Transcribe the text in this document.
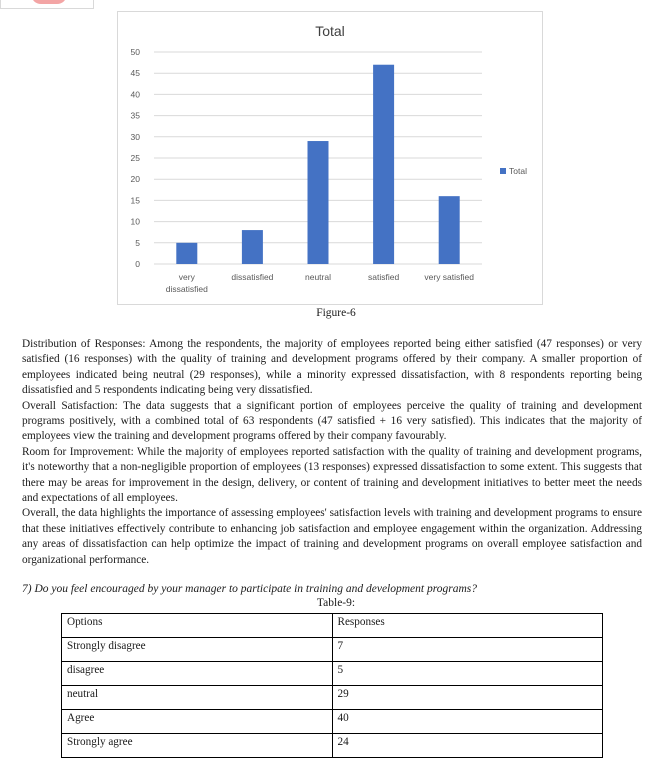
Total
0
5
10
15
20
25
30
35
40
45
50
very
dissatisfied
dissatisfied	neutral	satisfied	very satisfied
Total
Figure-6

Distribution of Responses: Among the respondents, the majority of employees reported being either satisfied (47 responses) or very satisfied (16 responses) with the quality of training and development programs offered by their company. A smaller proportion of employees indicated being neutral (29 responses), while a minority expressed dissatisfaction, with 8 respondents reporting being dissatisfied and 5 respondents indicating being very dissatisfied.

Overall Satisfaction: The data suggests that a significant portion of employees perceive the quality of training and development programs positively, with a combined total of 63 respondents (47 satisfied + 16 very satisfied). This indicates that the majority of employees view the training and development programs offered by their company favourably.

Room for Improvement: While the majority of employees reported satisfaction with the quality of training and development programs, it's noteworthy that a non-negligible proportion of employees (13 responses) expressed dissatisfaction to some extent. This suggests that there may be areas for improvement in the design, delivery, or content of training and development initiatives to better meet the needs and expectations of all employees.

Overall, the data highlights the importance of assessing employees' satisfaction levels with training and development programs to ensure that these initiatives effectively contribute to enhancing job satisfaction and employee engagement within the organization. Addressing any areas of dissatisfaction can help optimize the impact of training and development programs on overall employee satisfaction and organizational performance.

7) Do you feel encouraged by your manager to participate in training and development programs?
Table-9:
Options	Responses
Strongly disagree	7
disagree	5
neutral	29
Agree	40
Strongly agree	24
